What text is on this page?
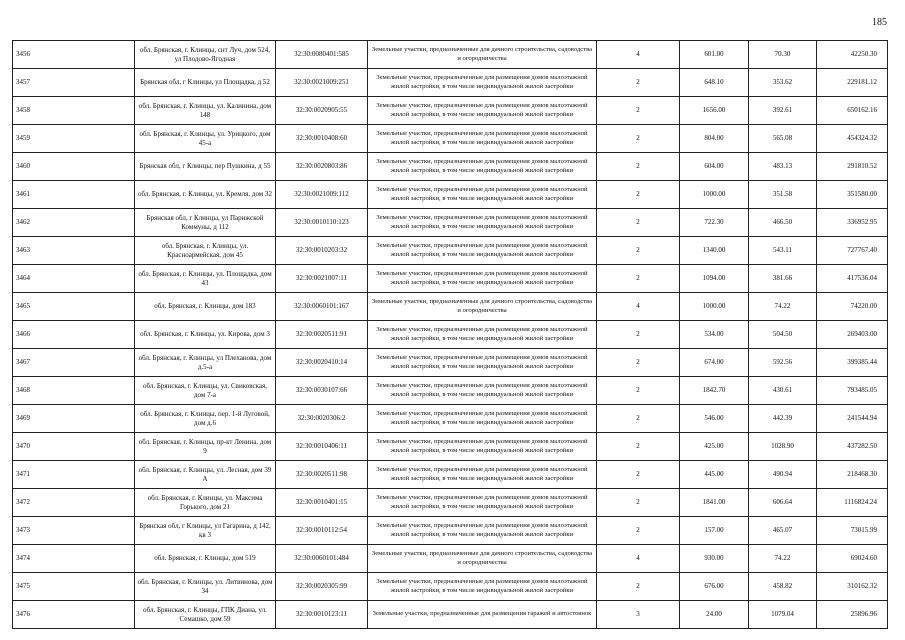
185
3456	обл. Брянская, г. Клинцы, снт Луч, дом 524, ул Плодово-Ягодная	32:30:0080401:585	Земельные участки, предназначенные для дачного строительства, садоводства и огородничества	4	601.00	70.30	42250.30
3457	Брянская обл, г Клинцы, ул Площадка, д 52	32:30:0021009:251	Земельные участки, предназначенные для размещения домов малоэтажной жилой застройки, в том числе индивидуальной жилой застройки	2	648.10	353.62	229181.12
3458	обл. Брянская, г. Клинцы, ул. Калинина, дом 148	32:30:0020905:55	Земельные участки, предназначенные для размещения домов малоэтажной жилой застройки, в том числе индивидуальной жилой застройки	2	1656.00	392.61	650162.16
3459	обл. Брянская, г. Клинцы, ул. Урицкого, дом 45-а	32:30:0010408:60	Земельные участки, предназначенные для размещения домов малоэтажной жилой застройки, в том числе индивидуальной жилой застройки	2	804.00	565.08	454324.32
3460	Брянская обл, г Клинцы, пер Пушкина, д 55	32:30:0020803:86	Земельные участки, предназначенные для размещения домов малоэтажной жилой застройки, в том числе индивидуальной жилой застройки	2	604.00	483.13	291810.52
3461	обл. Брянская, г. Клинцы, ул. Кремля, дом 32	32:30:0021009:112	Земельные участки, предназначенные для размещения домов малоэтажной жилой застройки, в том числе индивидуальной жилой застройки	2	1000.00	351.58	351580.00
3462	Брянская обл, г Клинцы, ул Парижской Коммуны, д 112	32:30:0010110:123	Земельные участки, предназначенные для размещения домов малоэтажной жилой застройки, в том числе индивидуальной жилой застройки	2	722.30	466.50	336952.95
3463	обл. Брянская, г. Клинцы, ул. Красноармейская, дом 45	32:30:0010203:32	Земельные участки, предназначенные для размещения домов малоэтажной жилой застройки, в том числе индивидуальной жилой застройки	2	1340.00	543.11	727767.40
3464	обл. Брянская, г. Клинцы, ул. Площадка, дом 43	32:30:0021007:11	Земельные участки, предназначенные для размещения домов малоэтажной жилой застройки, в том числе индивидуальной жилой застройки	2	1094.00	381.66	417536.04
3465	обл. Брянская, г. Клинцы, дом 183	32:30:0060101:167	Земельные участки, предназначенные для дачного строительства, садоводства и огородничества	4	1000.00	74.22	74220.00
3466	обл. Брянская, г. Клинцы, ул. Кирова, дом 3	32:30:0020511:91	Земельные участки, предназначенные для размещения домов малоэтажной жилой застройки, в том числе индивидуальной жилой застройки	2	534.00	504.50	269403.00
3467	обл. Брянская, г. Клинцы, ул Плеханова, дом д.5-а	32:30:0020410:14	Земельные участки, предназначенные для размещения домов малоэтажной жилой застройки, в том числе индивидуальной жилой застройки	2	674.00	592.56	399385.44
3468	обл. Брянская, г. Клинцы, ул. Свиковская, дом 7-а	32:30:0030107:66	Земельные участки, предназначенные для размещения домов малоэтажной жилой застройки, в том числе индивидуальной жилой застройки	2	1842.70	430.61	793485.05
3469	обл. Брянская, г. Клинцы, пер. 1-й Луговой, дом д.6	32:30:0020306:2	Земельные участки, предназначенные для размещения домов малоэтажной жилой застройки, в том числе индивидуальной жилой застройки	2	546.00	442.39	241544.94
3470	обл. Брянская, г. Клинцы, пр-кт Ленина, дом 9	32:30:0010406:11	Земельные участки, предназначенные для размещения домов малоэтажной жилой застройки, в том числе индивидуальной жилой застройки	2	425.00	1028.90	437282.50
3471	обл. Брянская, г. Клинцы, ул. Лесная, дом 39 А	32:30:0020511:98	Земельные участки, предназначенные для размещения домов малоэтажной жилой застройки, в том числе индивидуальной жилой застройки	2	445.00	490.94	218468.30
3472	обл. Брянская, г. Клинцы, ул. Максима Горького, дом 21	32:30:0010401:15	Земельные участки, предназначенные для размещения домов малоэтажной жилой застройки, в том числе индивидуальной жилой застройки	2	1841.00	606.64	1116824.24
3473	Брянская обл, г Клинцы, ул Гагарина, д 142, кв 3	32:30:0010112:54	Земельные участки, предназначенные для размещения домов малоэтажной жилой застройки, в том числе индивидуальной жилой застройки	2	157.00	465.07	73015.99
3474	обл. Брянская, г. Клинцы, дом 519	32:30:0060101:484	Земельные участки, предназначенные для дачного строительства, садоводства и огородничества	4	930.00	74.22	69024.60
3475	обл. Брянская, г. Клинцы, ул. Литвинова, дом 34	32:30:0020305:99	Земельные участки, предназначенные для размещения домов малоэтажной жилой застройки, в том числе индивидуальной жилой застройки	2	676.00	458.82	310162.32
3476	обл. Брянская, г. Клинцы, ГПК Диана, ул. Семашко, дом 59	32:30:0010123:11	Земельные участки, предназначенные для размещения гаражей и автостоянок	3	24.00	1079.04	25896.96
